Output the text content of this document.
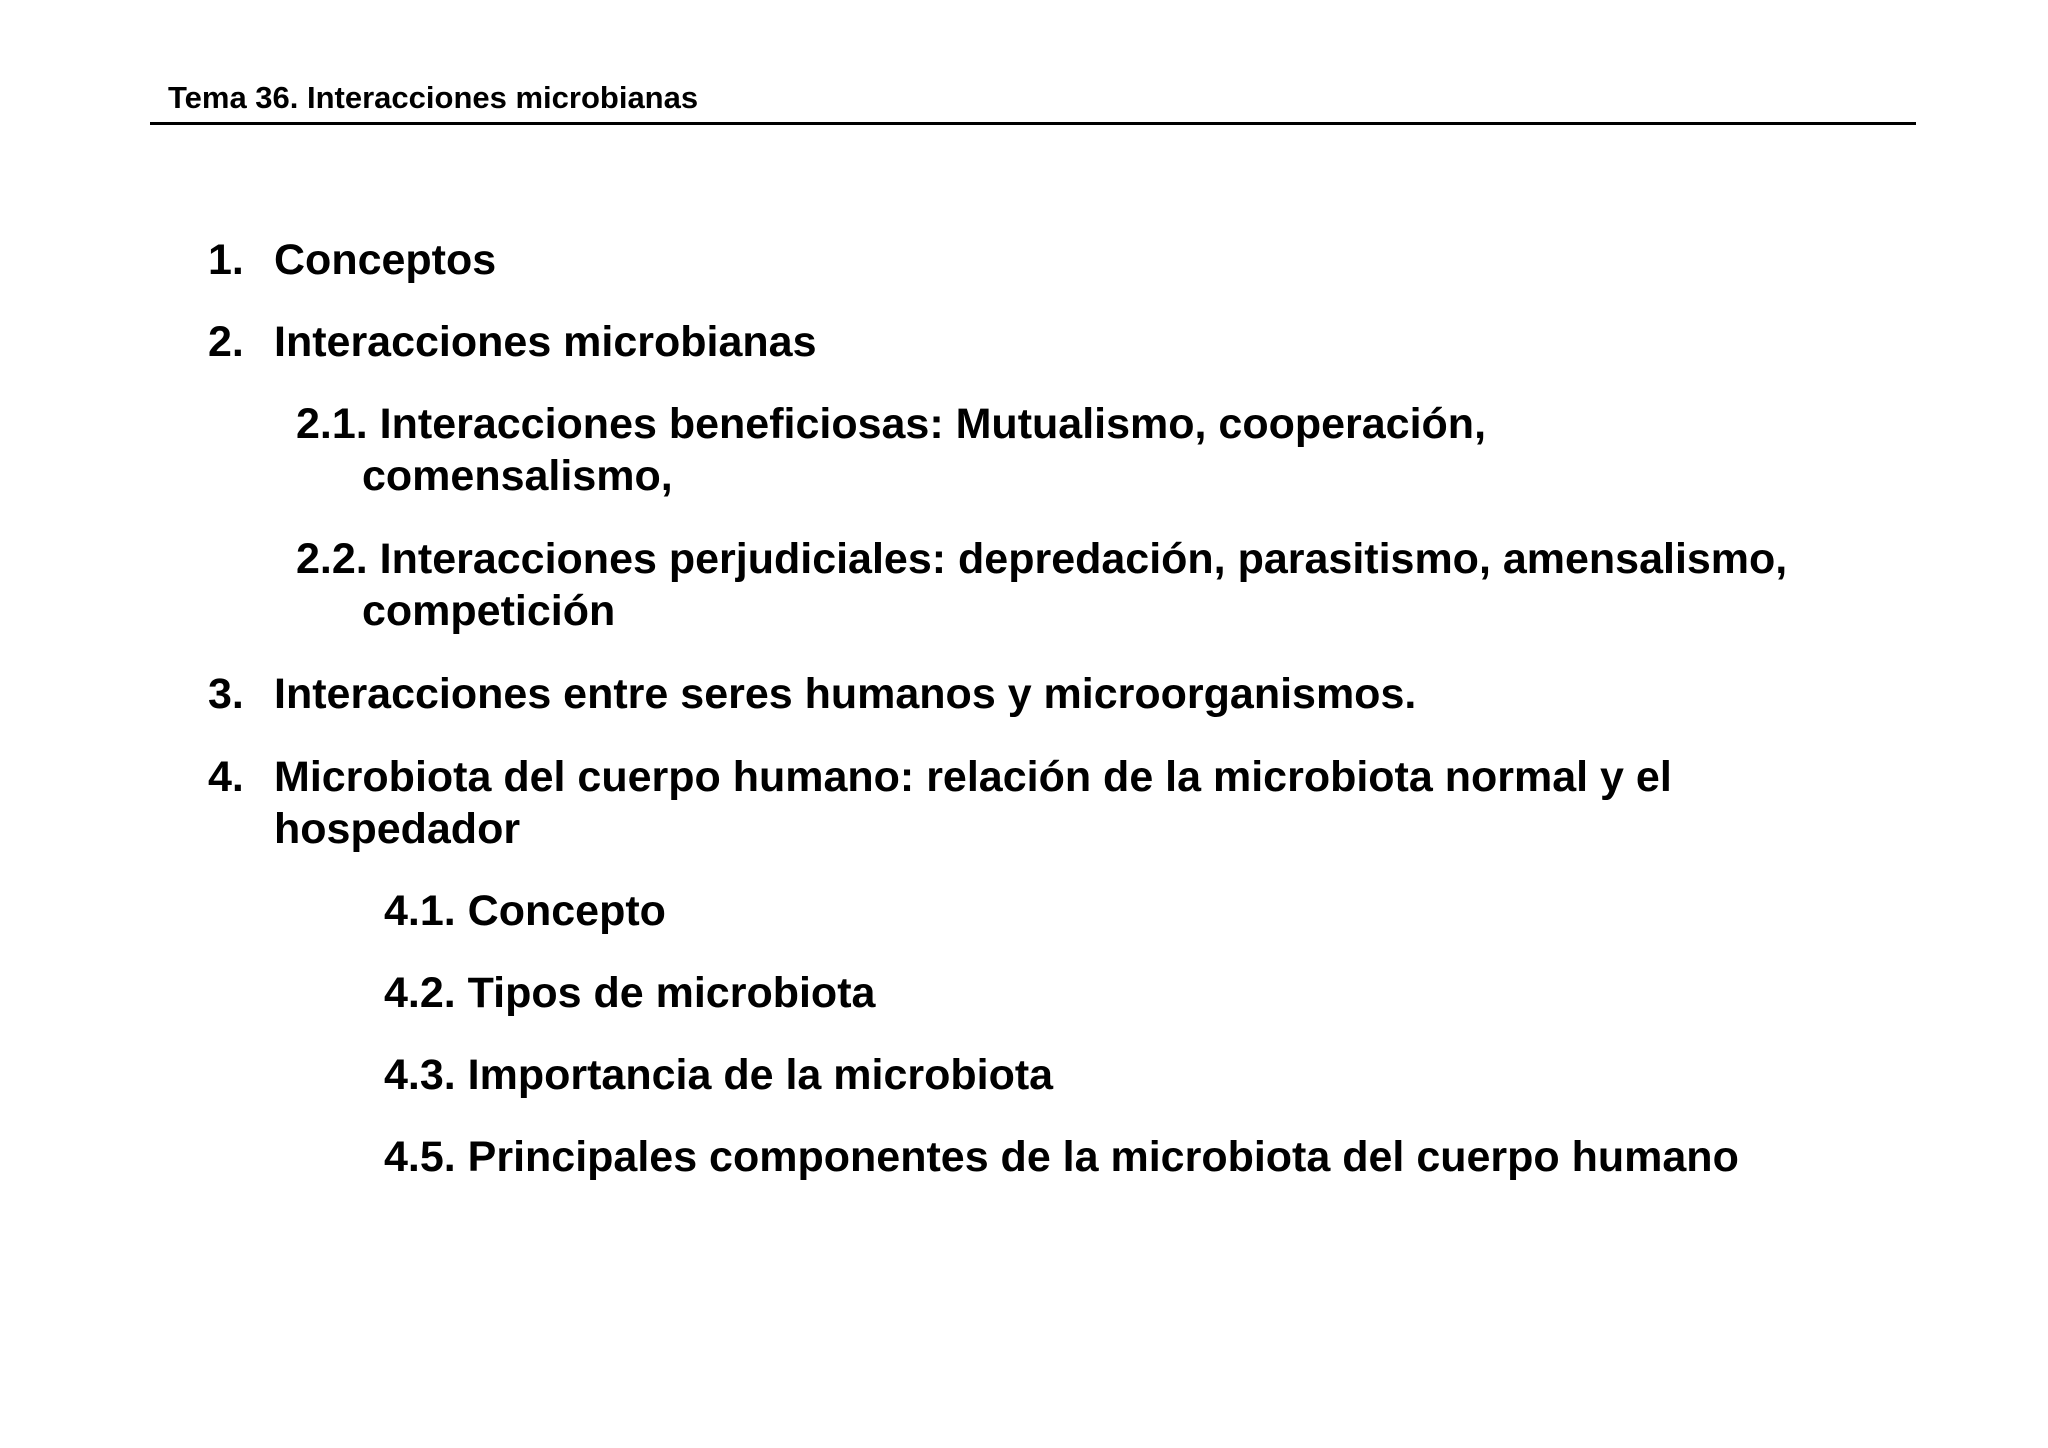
Tema 36. Interacciones microbianas
1. Conceptos
2. Interacciones microbianas
2.1. Interacciones beneficiosas: Mutualismo, cooperación,
comensalismo,
2.2. Interacciones perjudiciales: depredación, parasitismo, amensalismo,
competición
3. Interacciones entre seres humanos y microorganismos.
4. Microbiota del cuerpo humano: relación de la microbiota normal y el
hospedador
4.1. Concepto
4.2. Tipos de microbiota
4.3. Importancia de la microbiota
4.5. Principales componentes de la microbiota del cuerpo humano
